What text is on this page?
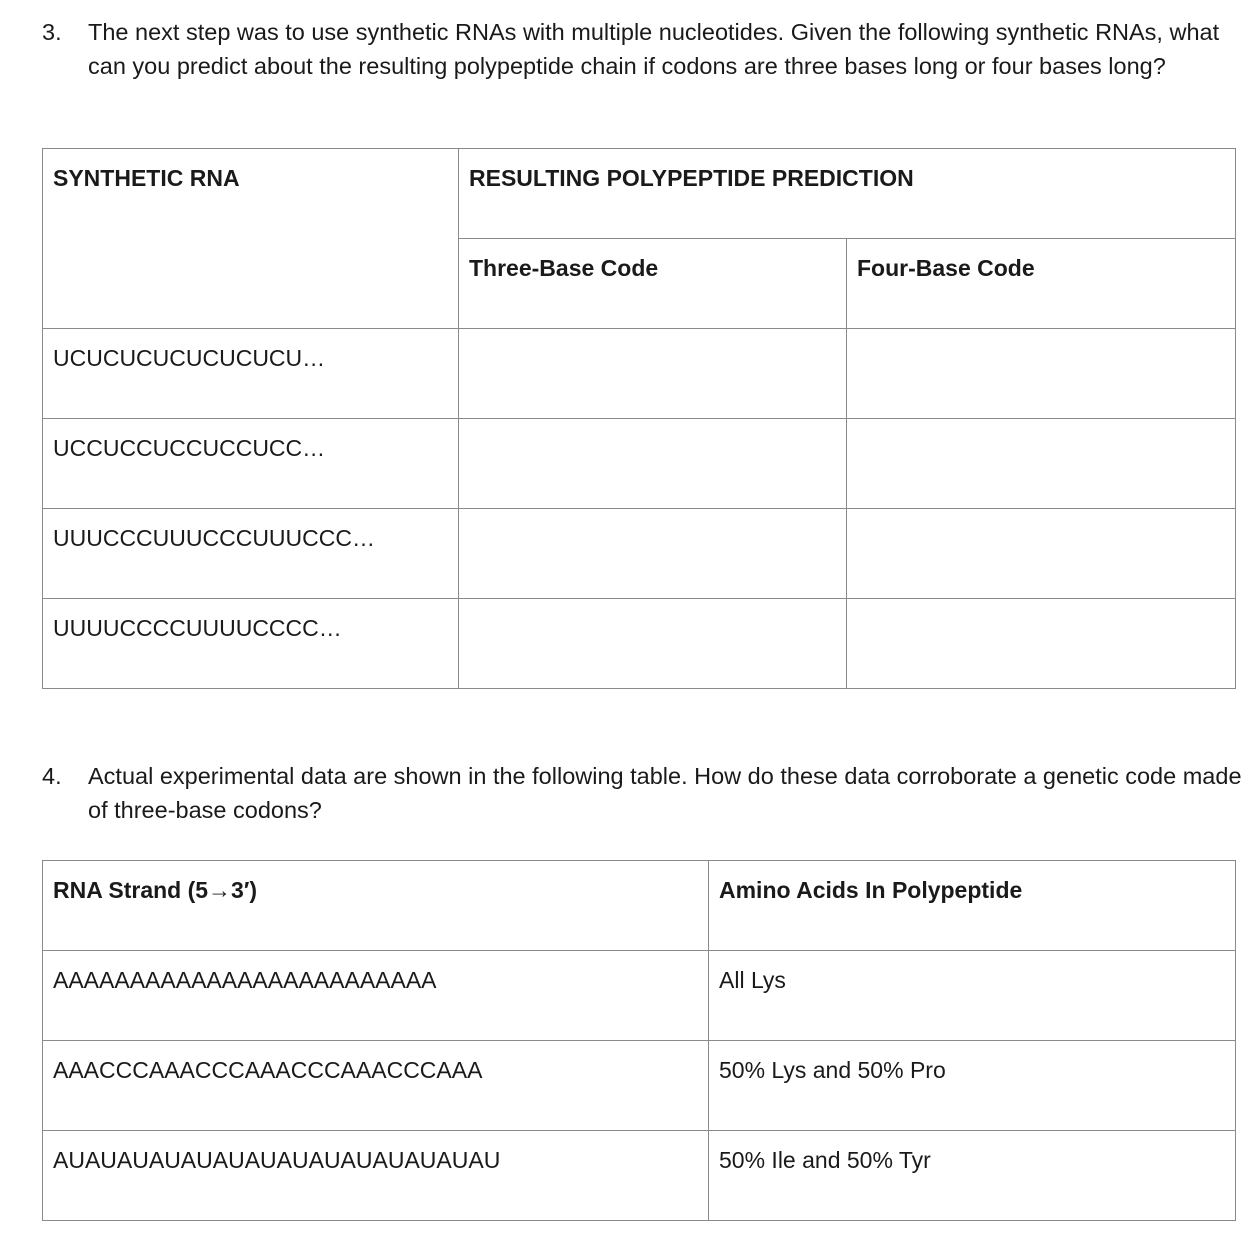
3.	The next step was to use synthetic RNAs with multiple nucleotides. Given the following synthetic RNAs, what can you predict about the resulting polypeptide chain if codons are three bases long or four bases long?
SYNTHETIC RNA	RESULTING POLYPEPTIDE PREDICTION	
	Three-Base Code	Four-Base Code
UCUCUCUCUCUCUCU…		
UCCUCCUCCUCCUCC…		
UUUCCCUUUCCCUUUCCC…		
UUUUCCCCUUUUCCCC…		
4.	Actual experimental data are shown in the following table. How do these data corroborate a genetic code made of three-base codons?
RNA Strand (5→3′)	Amino Acids In Polypeptide
AAAAAAAAAAAAAAAAAAAAAAAAA	All Lys
AAACCCAAACCCAAACCCAAACCCAAA	50% Lys and 50% Pro
AUAUAUAUAUAUAUAUAUAUAUAUAUAU	50% Ile and 50% Tyr
